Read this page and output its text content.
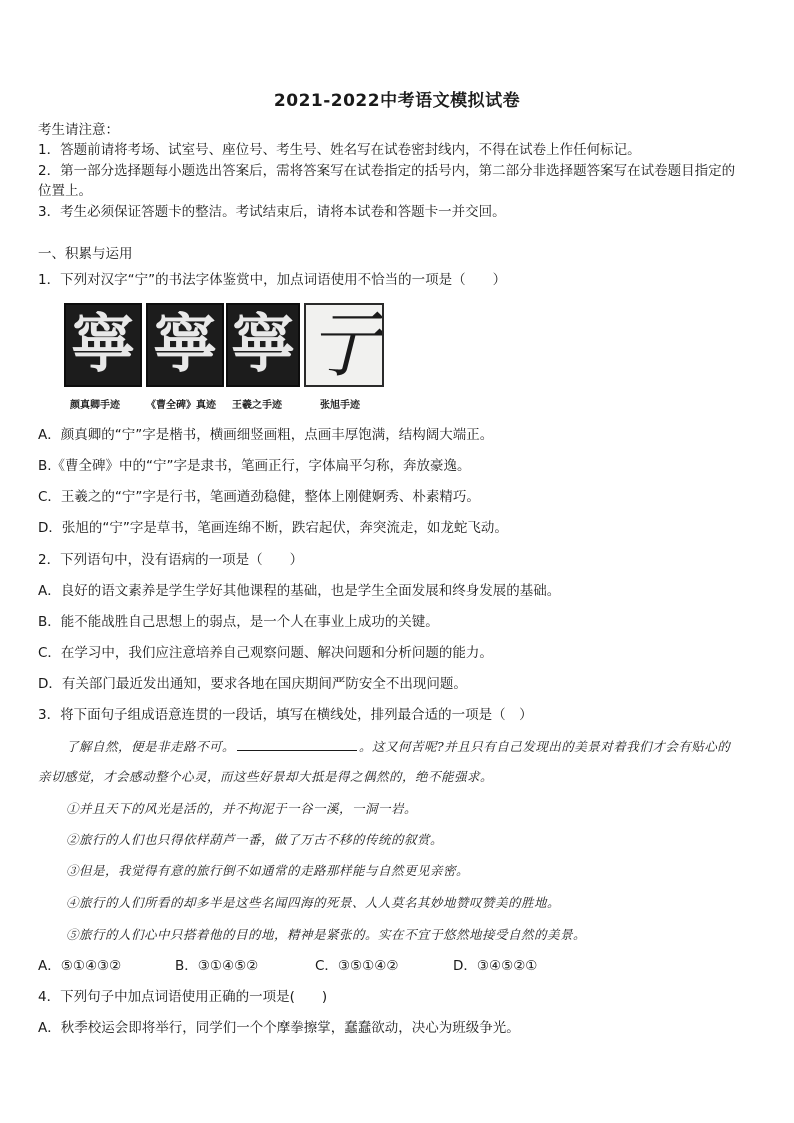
2021-2022中考语文模拟试卷
考生请注意：
1．答题前请将考场、试室号、座位号、考生号、姓名写在试卷密封线内，不得在试卷上作任何标记。
2．第一部分选择题每小题选出答案后，需将答案写在试卷指定的括号内，第二部分非选择题答案写在试卷题目指定的
位置上。
3．考生必须保证答题卡的整洁。考试结束后，请将本试卷和答题卡一并交回。
一、积累与运用
1．下列对汉字“宁”的书法字体鉴赏中，加点词语使用不恰当的一项是（　　）
寧 寧 寧 亍
颜真卿手迹	《曹全碑》真迹 王羲之手迹	张旭手迹
A．颜真卿的“宁”字是楷书，横画细竖画粗，点画丰厚饱满，结构阔大端正。
B.《曹全碑》中的“宁”字是隶书，笔画正行，字体扁平匀称，奔放豪逸。
C．王羲之的“宁”字是行书，笔画遒劲稳健，整体上刚健婀秀、朴素精巧。
D．张旭的“宁”字是草书，笔画连绵不断，跌宕起伏，奔突流走，如龙蛇飞动。
2．下列语句中，没有语病的一项是（　　）
A．良好的语文素养是学生学好其他课程的基础，也是学生全面发展和终身发展的基础。
B．能不能战胜自己思想上的弱点，是一个人在事业上成功的关键。
C．在学习中，我们应注意培养自己观察问题、解决问题和分析问题的能力。
D．有关部门最近发出通知，要求各地在国庆期间严防安全不出现问题。
3．将下面句子组成语意连贯的一段话，填写在横线处，排列最合适的一项是（　）
了解自然，便是非走路不可。	。这又何苦呢?并且只有自己发现出的美景对着我们才会有贴心的
亲切感觉，才会感动整个心灵，而这些好景却大抵是得之偶然的，绝不能强求。
①并且天下的风光是活的，并不拘泥于一谷一溪，一洞一岩。
②旅行的人们也只得依样葫芦一番，做了万古不移的传统的叙赏。
③但是，我觉得有意的旅行倒不如通常的走路那样能与自然更见亲密。
④旅行的人们所看的却多半是这些名闻四海的死景、人人莫名其妙地赞叹赞美的胜地。
⑤旅行的人们心中只搭着他的目的地，精神是紧张的。实在不宜于悠然地接受自然的美景。
A．⑤①④③②	B．③①④⑤②	C．③⑤①④②	D．③④⑤②①
4．下列句子中加点词语使用正确的一项是(　　)
A．秋季校运会即将举行，同学们一个个摩拳擦掌，蠢蠢欲动，决心为班级争光。
